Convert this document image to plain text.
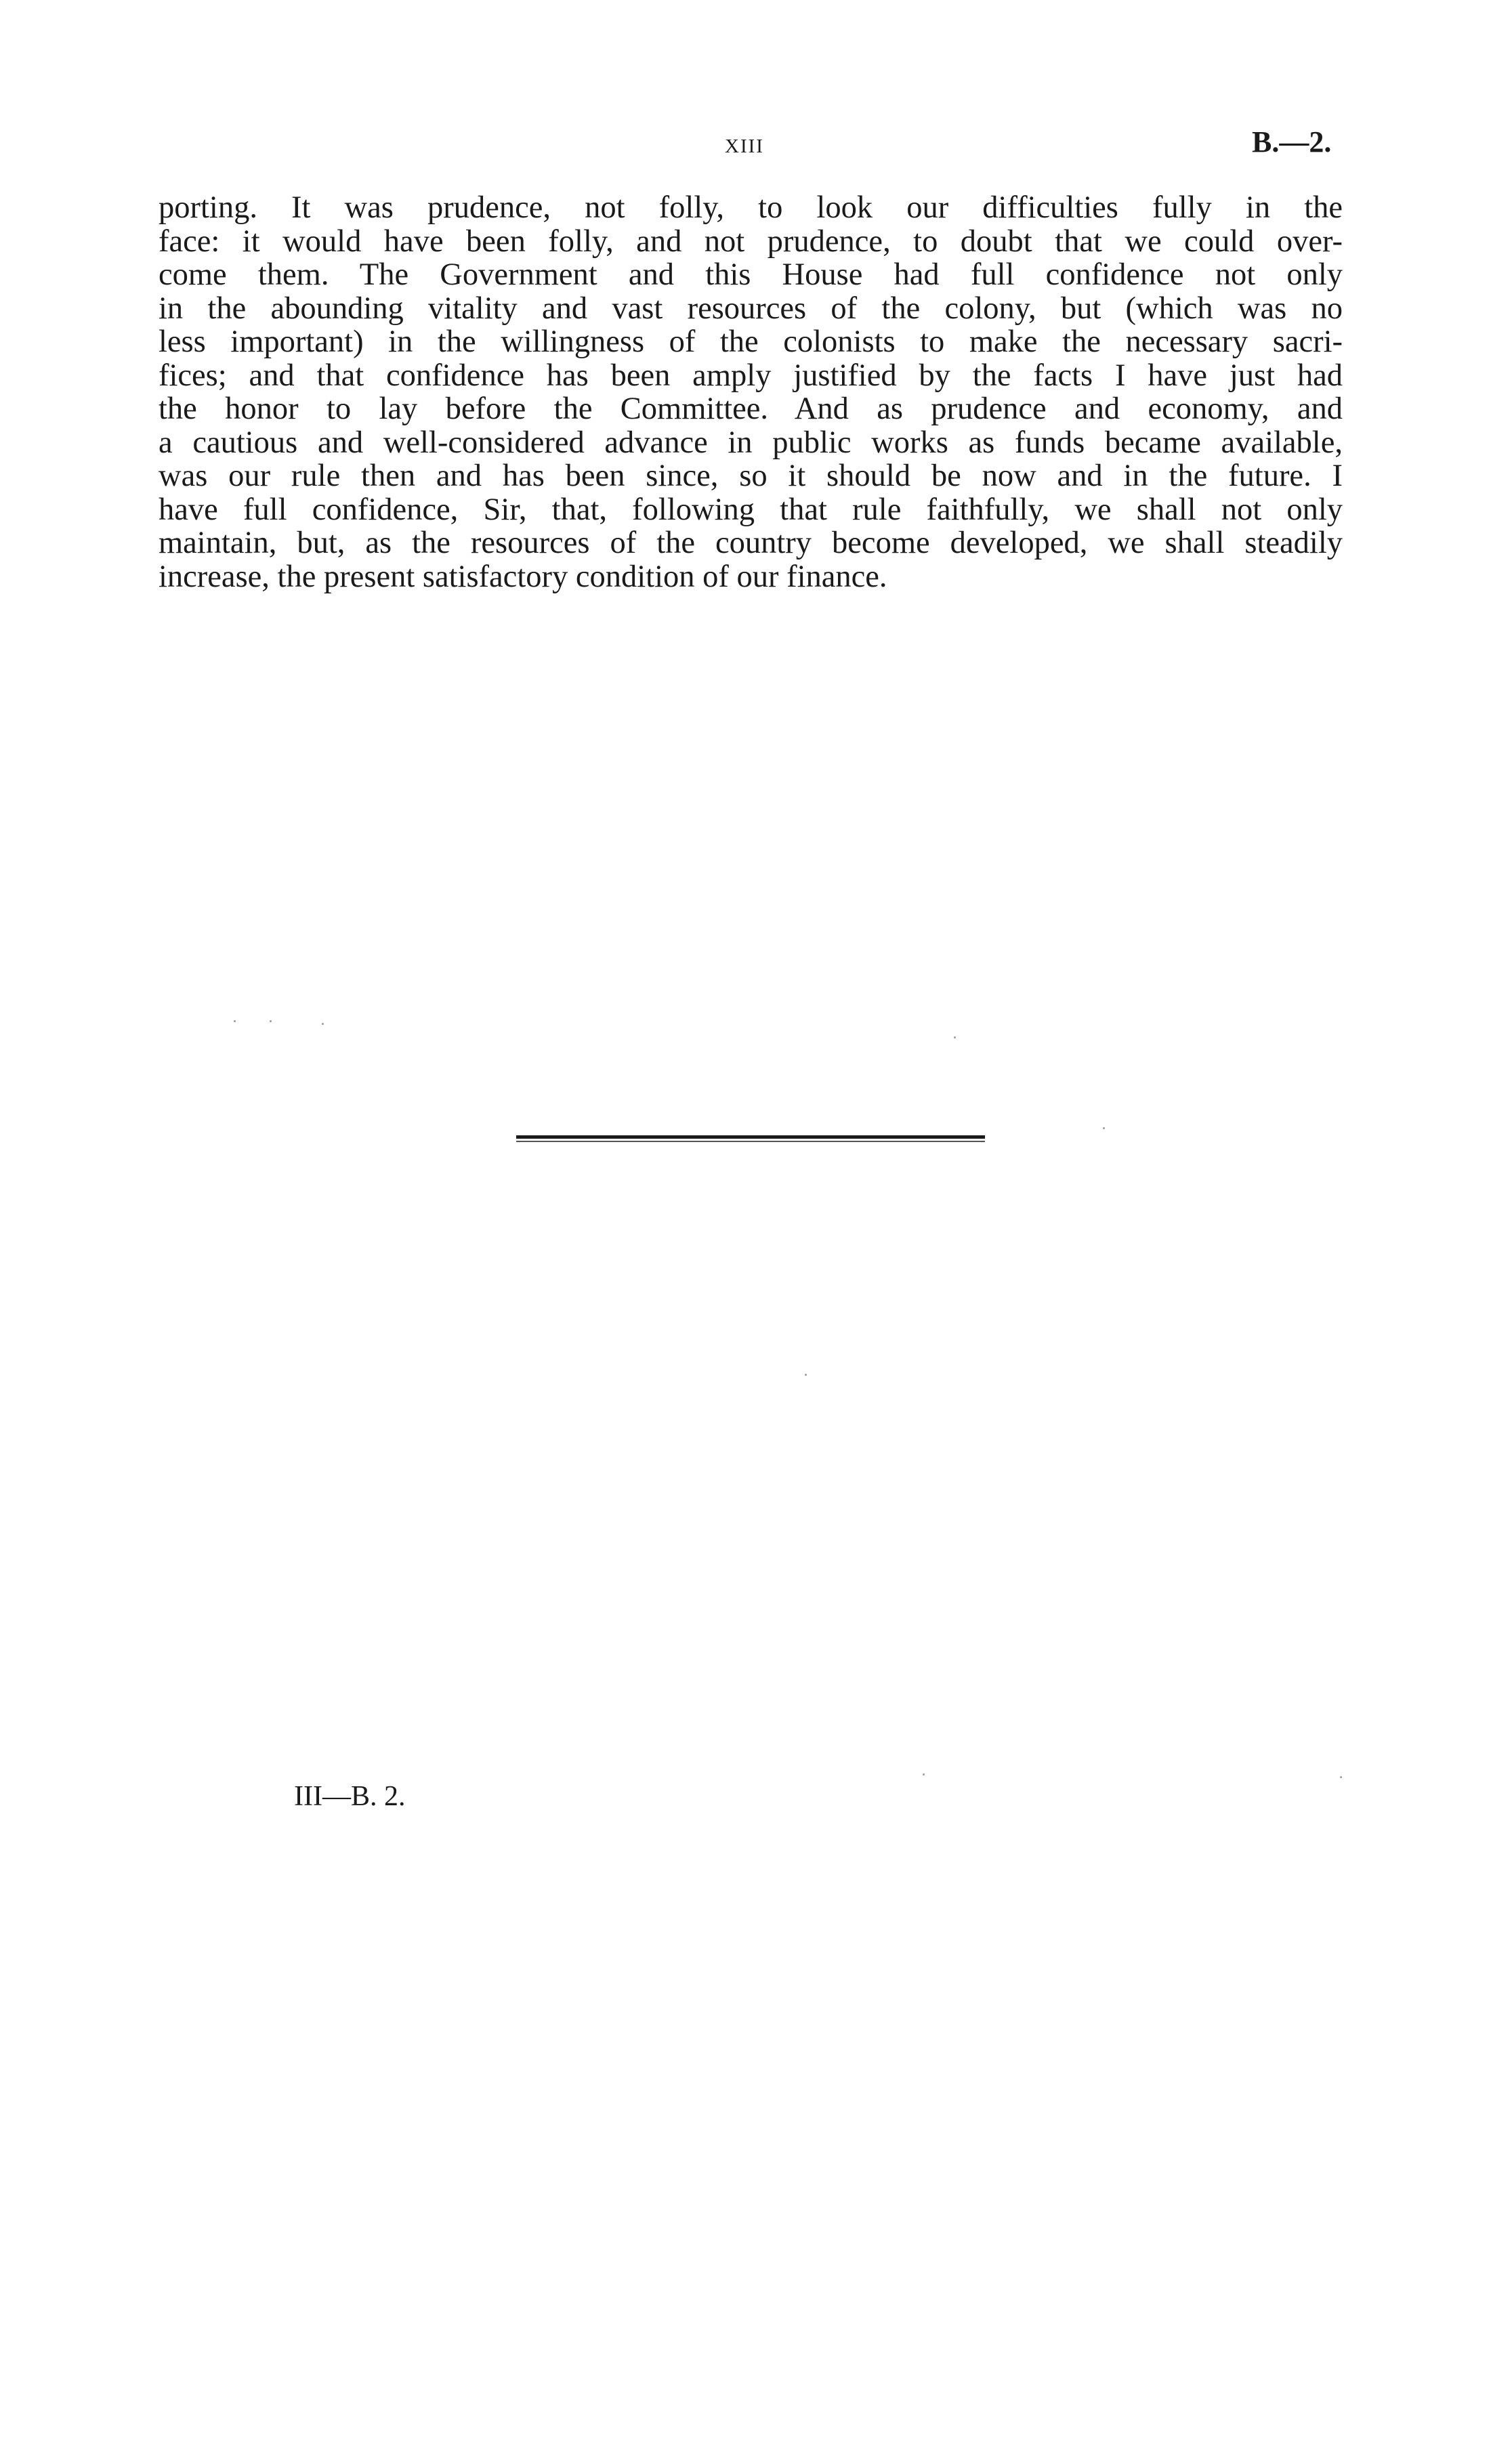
xiii	B.—2.
porting. It was prudence, not folly, to look our difficulties fully in the
face: it would have been folly, and not prudence, to doubt that we could over-
come them. The Government and this House had full confidence not only
in the abounding vitality and vast resources of the colony, but (which was no
less important) in the willingness of the colonists to make the necessary sacri-
fices; and that confidence has been amply justified by the facts I have just had
the honor to lay before the Committee. And as prudence and economy, and
a cautious and well-considered advance in public works as funds became available,
was our rule then and has been since, so it should be now and in the future. I
have full confidence, Sir, that, following that rule faithfully, we shall not only
maintain, but, as the resources of the country become developed, we shall steadily
increase, the present satisfactory condition of our finance.
III—B. 2.
